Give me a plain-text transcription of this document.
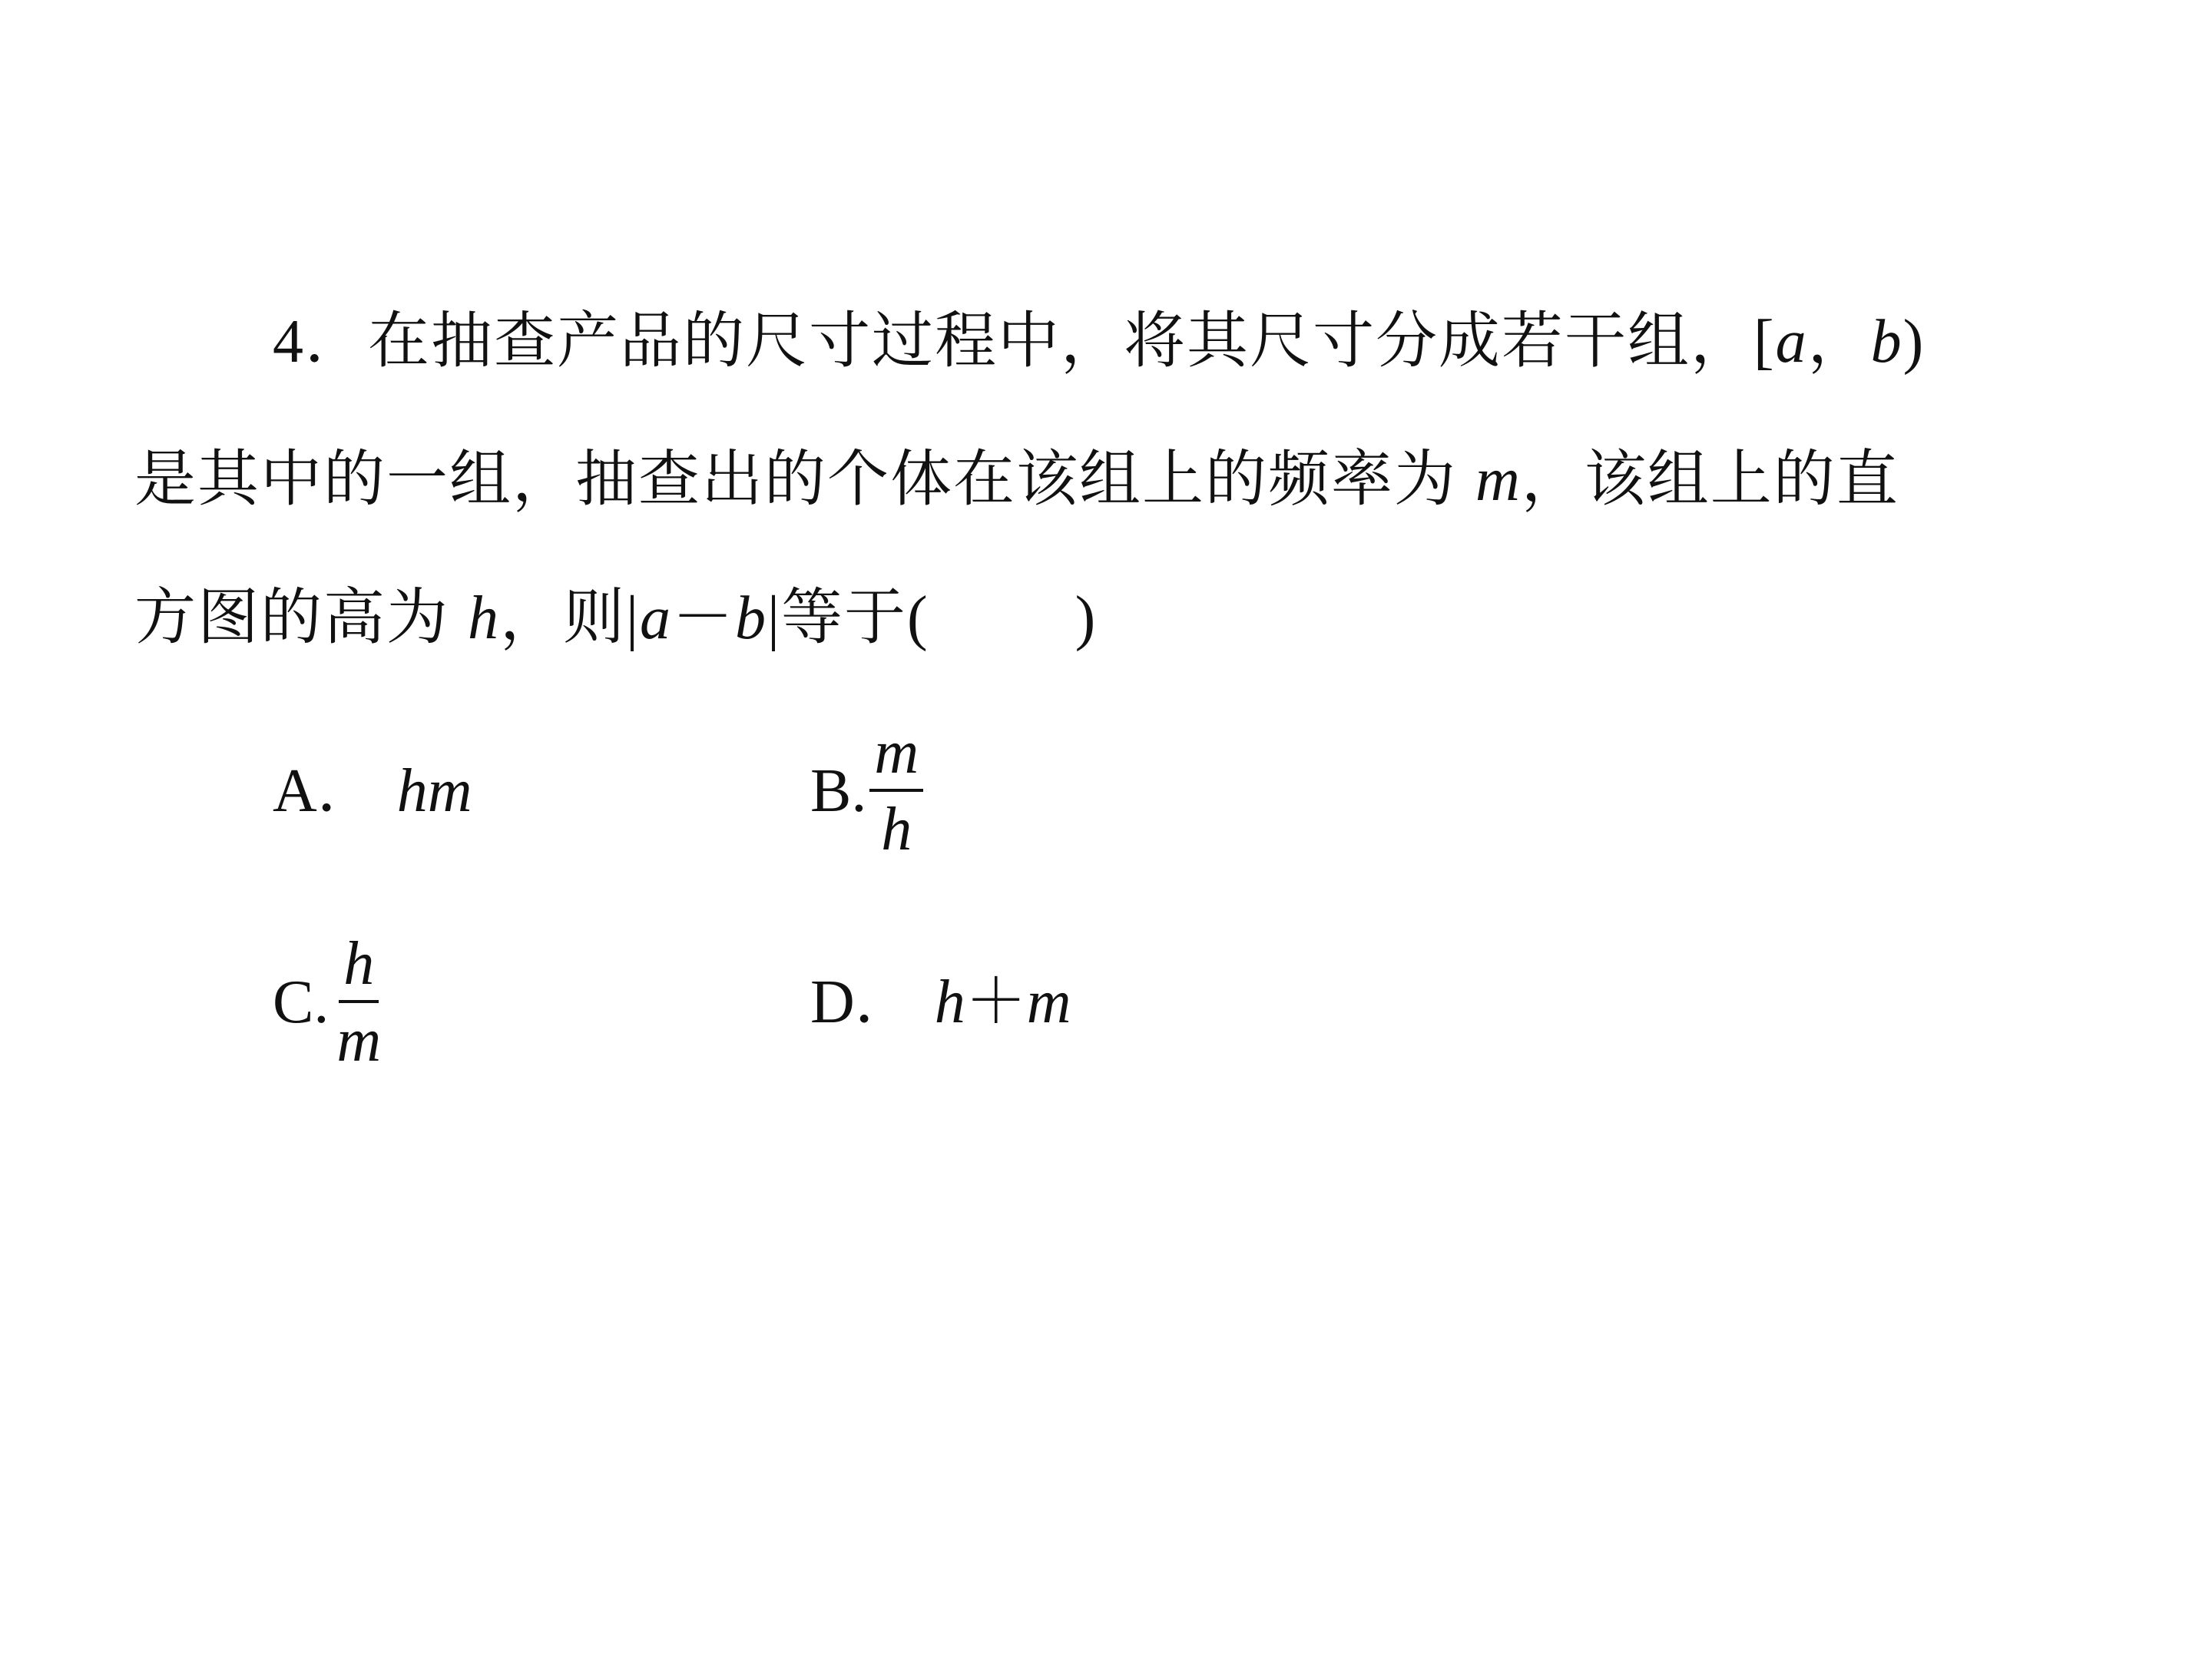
4．在抽查产品的尺寸过程中，将其尺寸分成若干组，[a，b)
是其中的一组，抽查出的个体在该组上的频率为 m，该组上的直
方图的高为 h，则|a－b|等于( )
A． hm	B. $\frac{m}{h}$
C. $\frac{h}{m}$	D． h ＋ m
